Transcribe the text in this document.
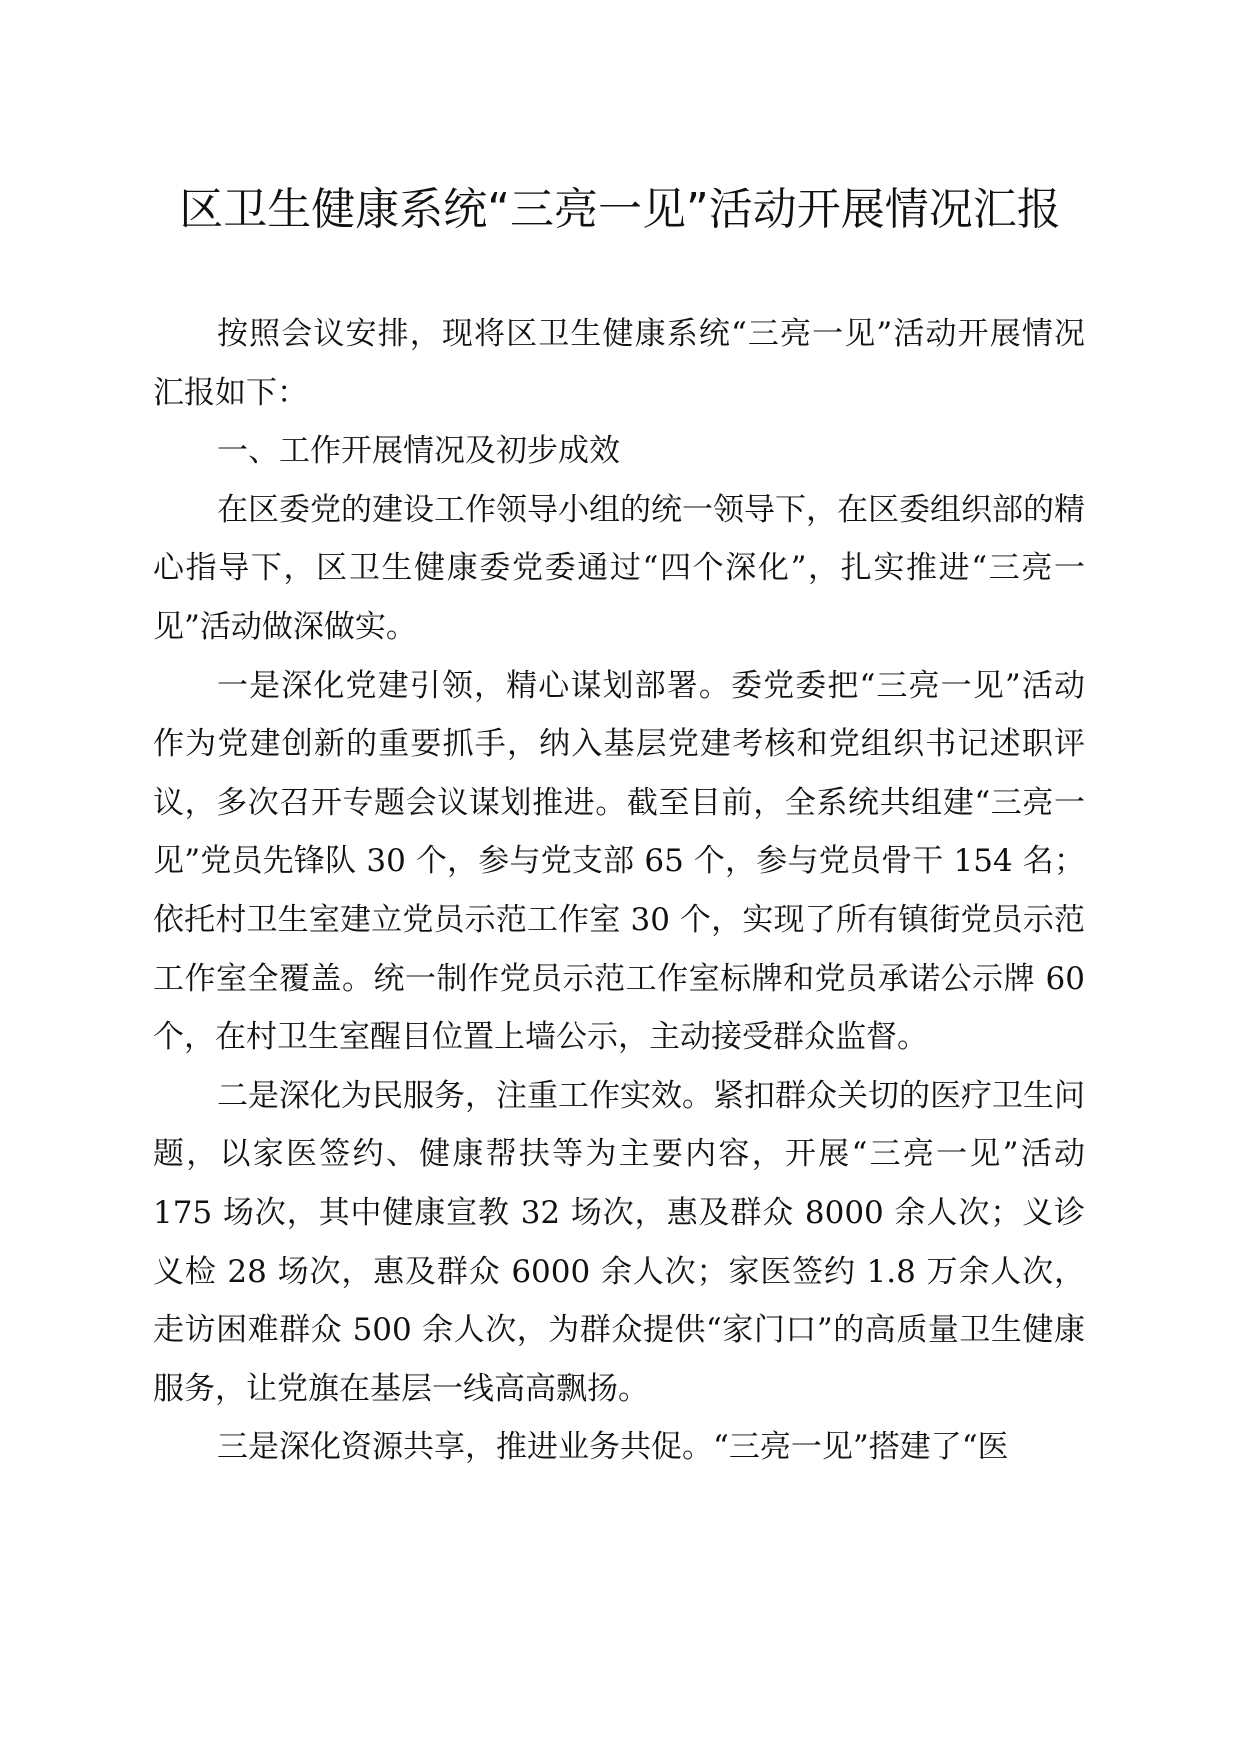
区卫生健康系统“三亮一见”活动开展情况汇报

按照会议安排，现将区卫生健康系统“三亮一见”活动开展情况汇报如下：

一、工作开展情况及初步成效

在区委党的建设工作领导小组的统一领导下，在区委组织部的精心指导下，区卫生健康委党委通过“四个深化”，扎实推进“三亮一见”活动做深做实。

一是深化党建引领，精心谋划部署。委党委把“三亮一见”活动作为党建创新的重要抓手，纳入基层党建考核和党组织书记述职评议，多次召开专题会议谋划推进。截至目前，全系统共组建“三亮一见”党员先锋队 30 个，参与党支部 65 个，参与党员骨干 154 名；依托村卫生室建立党员示范工作室 30 个，实现了所有镇街党员示范工作室全覆盖。统一制作党员示范工作室标牌和党员承诺公示牌 60 个，在村卫生室醒目位置上墙公示，主动接受群众监督。

二是深化为民服务，注重工作实效。紧扣群众关切的医疗卫生问题，以家医签约、健康帮扶等为主要内容，开展“三亮一见”活动 175 场次，其中健康宣教 32 场次，惠及群众 8000 余人次；义诊义检 28 场次，惠及群众 6000 余人次；家医签约 1.8 万余人次，走访困难群众 500 余人次，为群众提供“家门口”的高质量卫生健康服务，让党旗在基层一线高高飘扬。

三是深化资源共享，推进业务共促。“三亮一见”搭建了“医
